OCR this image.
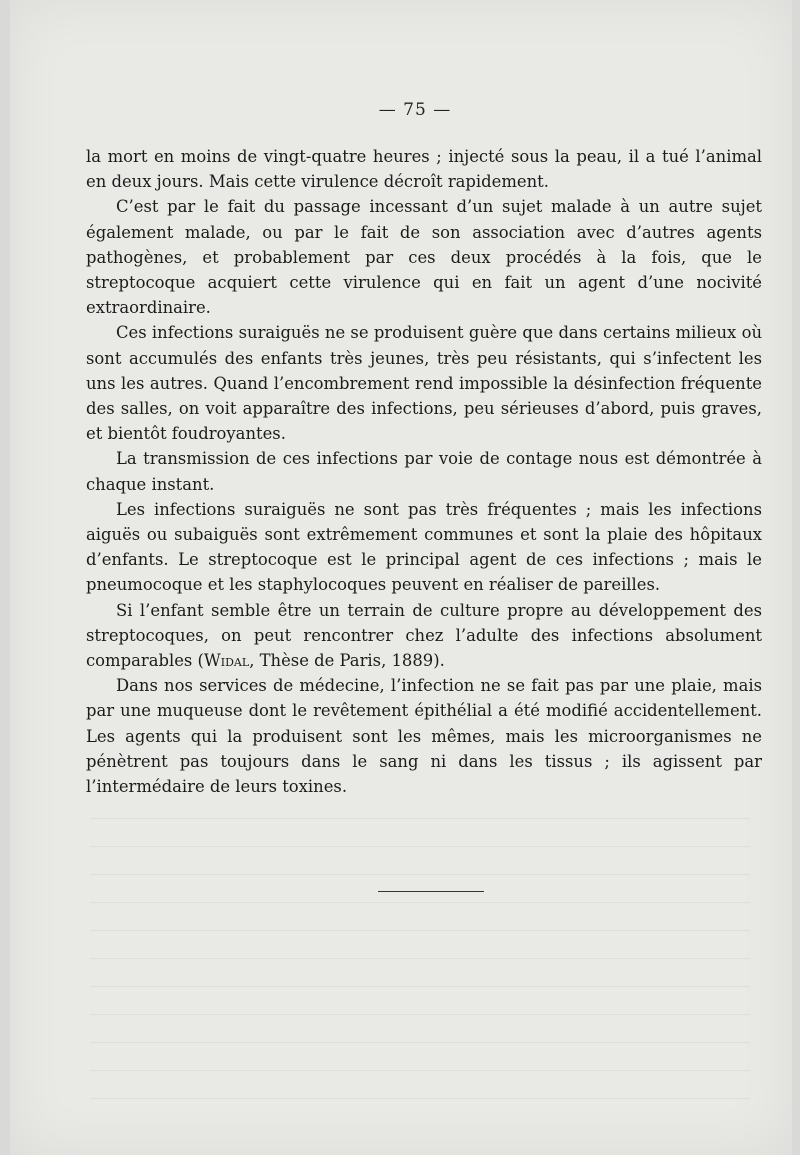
— 75 —

la mort en moins de vingt-quatre heures ; injecté sous la peau, il a tué l’animal en deux jours. Mais cette virulence décroît rapidement.

C’est par le fait du passage incessant d’un sujet malade à un autre sujet également malade, ou par le fait de son association avec d’autres agents pathogènes, et probablement par ces deux procédés à la fois, que le streptocoque acquiert cette virulence qui en fait un agent d’une nocivité extraordinaire.

Ces infections suraiguës ne se produisent guère que dans certains milieux où sont accumulés des enfants très jeunes, très peu résistants, qui s’infectent les uns les autres. Quand l’encombrement rend impossible la désinfection fréquente des salles, on voit apparaître des infections, peu sérieuses d’abord, puis graves, et bientôt foudroyantes.

La transmission de ces infections par voie de contage nous est démontrée à chaque instant.

Les infections suraiguës ne sont pas très fréquentes ; mais les infections aiguës ou subaiguës sont extrêmement communes et sont la plaie des hôpitaux d’enfants. Le streptocoque est le principal agent de ces infections ; mais le pneumocoque et les staphylocoques peuvent en réaliser de pareilles.

Si l’enfant semble être un terrain de culture propre au développement des streptocoques, on peut rencontrer chez l’adulte des infections absolument comparables (Widal, Thèse de Paris, 1889).

Dans nos services de médecine, l’infection ne se fait pas par une plaie, mais par une muqueuse dont le revêtement épithélial a été modifié accidentellement. Les agents qui la produisent sont les mêmes, mais les microorganismes ne pénètrent pas toujours dans le sang ni dans les tissus ; ils agissent par l’intermédaire de leurs toxines.
